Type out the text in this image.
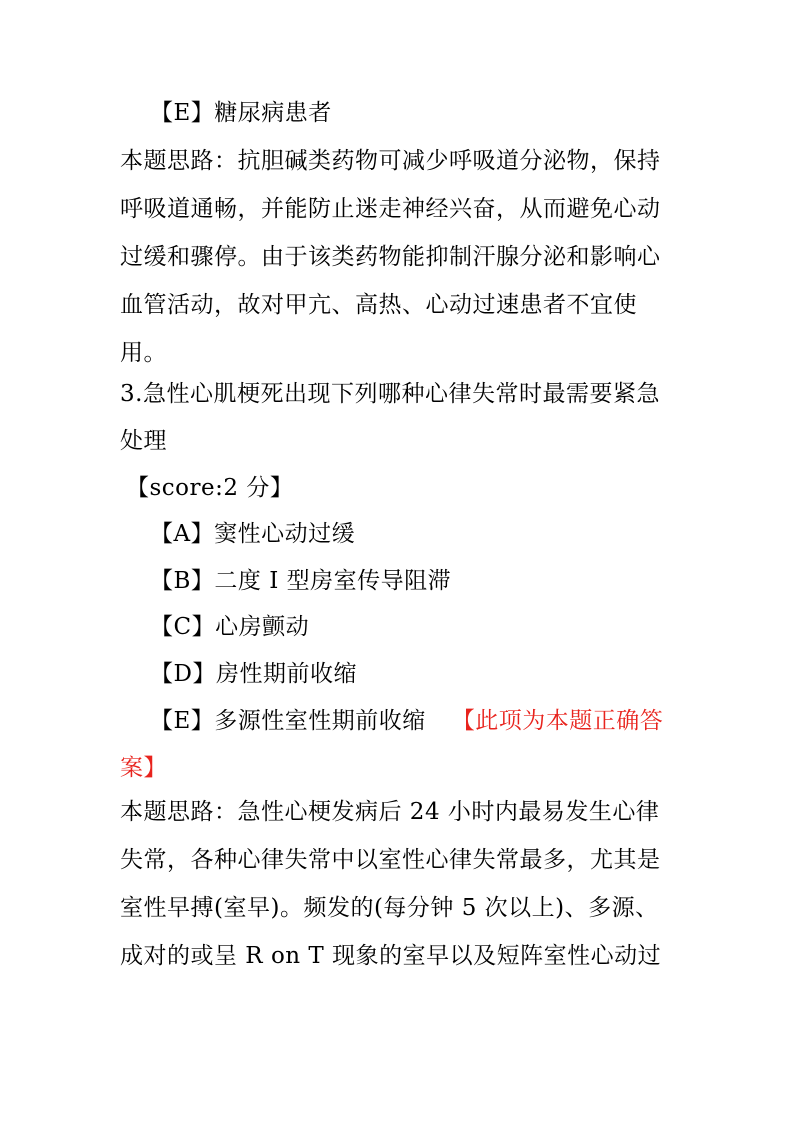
【E】糖尿病患者
本题思路：抗胆碱类药物可减少呼吸道分泌物，保持
呼吸道通畅，并能防止迷走神经兴奋，从而避免心动
过缓和骤停。由于该类药物能抑制汗腺分泌和影响心
血管活动，故对甲亢、高热、心动过速患者不宜使
用。
3.急性心肌梗死出现下列哪种心律失常时最需要紧急
处理
【score:2 分】
【A】窦性心动过缓
【B】二度 I 型房室传导阻滞
【C】心房颤动
【D】房性期前收缩
【E】多源性室性期前收缩 【此项为本题正确答
案】
本题思路：急性心梗发病后 24 小时内最易发生心律
失常，各种心律失常中以室性心律失常最多，尤其是
室性早搏(室早)。频发的(每分钟 5 次以上)、多源、
成对的或呈 R on T 现象的室早以及短阵室性心动过
